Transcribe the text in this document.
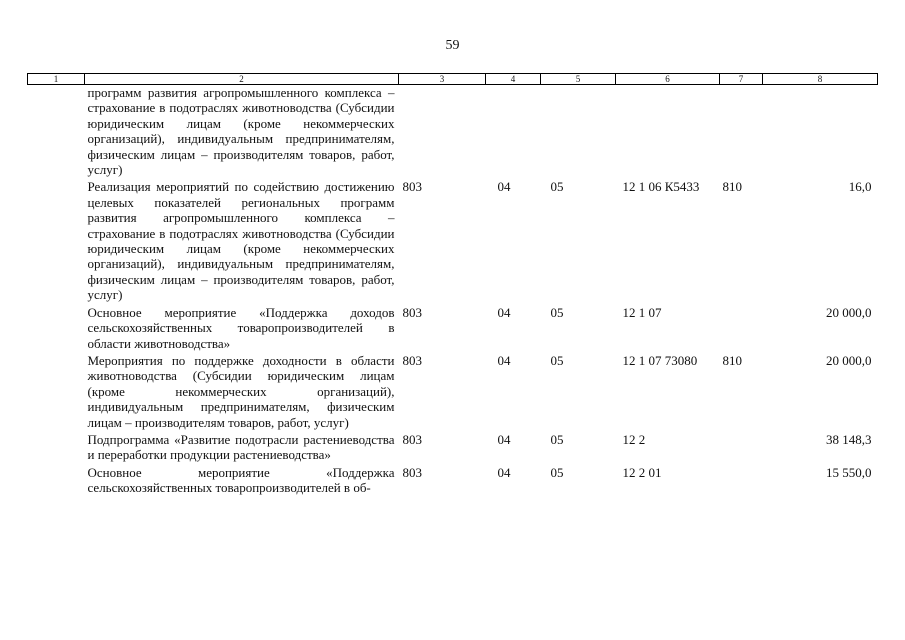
59
1	2	3	4	5	6	7	8
	программ развития агропромышленного комплекса – страхование в подотраслях животноводства (Субсидии юридическим лицам (кроме некоммерческих организаций), индивидуальным предпринимателям, физическим лицам – производителям товаров, работ, услуг)						
	Реализация мероприятий по содействию достижению целевых показателей региональных программ развития агропромышленного комплекса – страхование в подотраслях животноводства (Субсидии юридическим лицам (кроме некоммерческих организаций), индивидуальным предпринимателям, физическим лицам – производителям товаров, работ, услуг)	803	04	05	12 1 06 К5433	810	16,0
	Основное мероприятие «Поддержка доходов сельскохозяйственных товаропроизводителей в области животноводства»	803	04	05	12 1 07		20 000,0
	Мероприятия по поддержке доходности в области животноводства (Субсидии юридическим лицам (кроме некоммерческих организаций), индивидуальным предпринимателям, физическим лицам – производителям товаров, работ, услуг)	803	04	05	12 1 07 73080	810	20 000,0
	Подпрограмма «Развитие подотрасли растениеводства и переработки продукции растениеводства»	803	04	05	12 2		38 148,3
	Основное мероприятие «Поддержка сельскохозяйственных товаропроизводителей в об-	803	04	05	12 2 01		15 550,0
